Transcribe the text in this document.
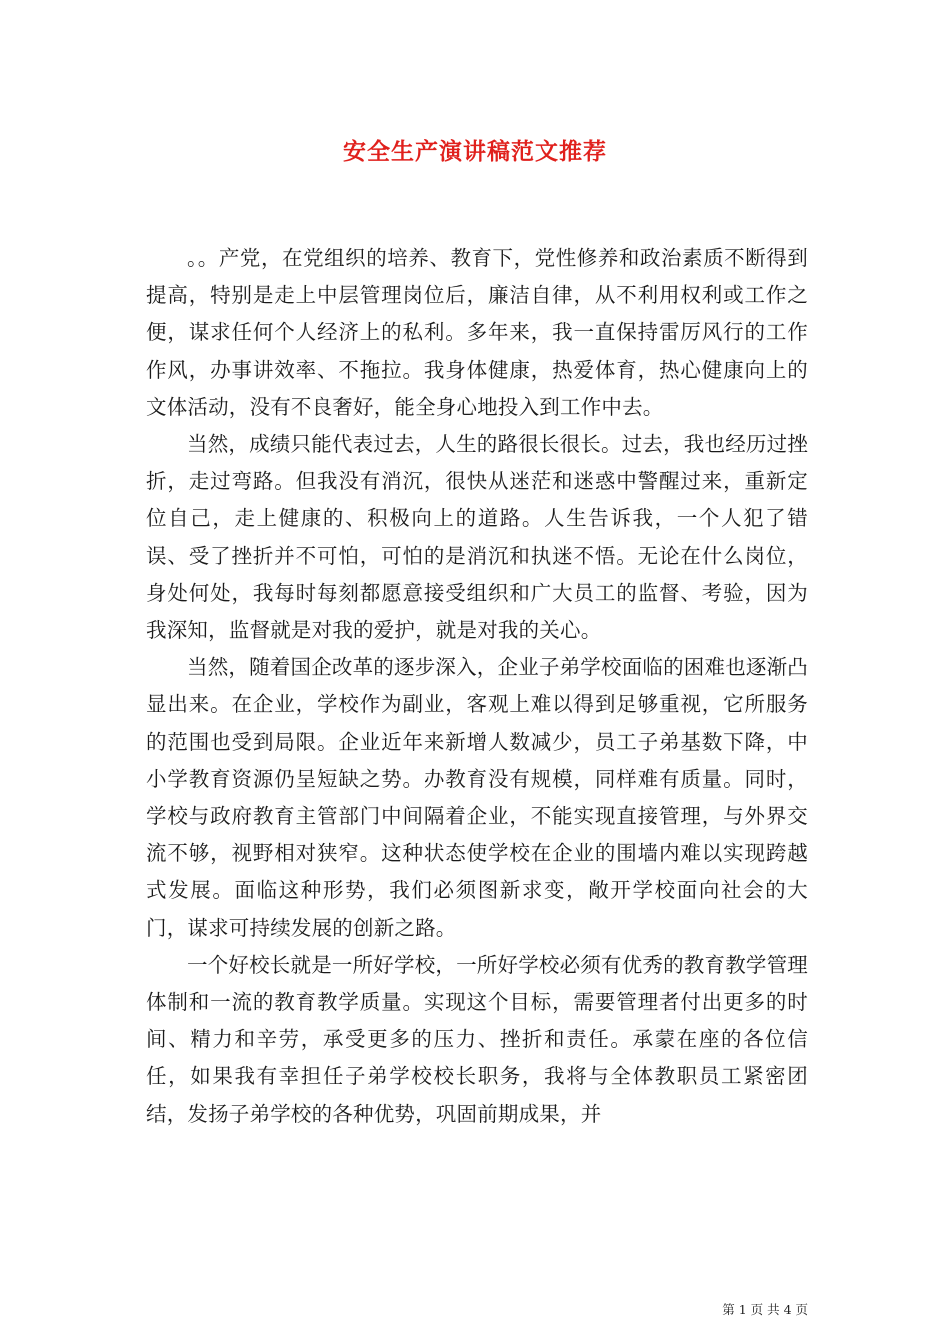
安全生产演讲稿范文推荐

。。产党，在党组织的培养、教育下，党性修养和政治素质不断得到提高，特别是走上中层管理岗位后，廉洁自律，从不利用权利或工作之便，谋求任何个人经济上的私利。多年来，我一直保持雷厉风行的工作作风，办事讲效率、不拖拉。我身体健康，热爱体育，热心健康向上的文体活动，没有不良奢好，能全身心地投入到工作中去。

当然，成绩只能代表过去，人生的路很长很长。过去，我也经历过挫折，走过弯路。但我没有消沉，很快从迷茫和迷惑中警醒过来，重新定位自己，走上健康的、积极向上的道路。人生告诉我，一个人犯了错误、受了挫折并不可怕，可怕的是消沉和执迷不悟。无论在什么岗位，身处何处，我每时每刻都愿意接受组织和广大员工的监督、考验，因为我深知，监督就是对我的爱护，就是对我的关心。

当然，随着国企改革的逐步深入，企业子弟学校面临的困难也逐渐凸显出来。在企业，学校作为副业，客观上难以得到足够重视，它所服务的范围也受到局限。企业近年来新增人数减少，员工子弟基数下降，中小学教育资源仍呈短缺之势。办教育没有规模，同样难有质量。同时，学校与政府教育主管部门中间隔着企业，不能实现直接管理，与外界交流不够，视野相对狭窄。这种状态使学校在企业的围墙内难以实现跨越式发展。面临这种形势，我们必须图新求变，敞开学校面向社会的大门，谋求可持续发展的创新之路。

一个好校长就是一所好学校，一所好学校必须有优秀的教育教学管理体制和一流的教育教学质量。实现这个目标，需要管理者付出更多的时间、精力和辛劳，承受更多的压力、挫折和责任。承蒙在座的各位信任，如果我有幸担任子弟学校校长职务，我将与全体教职员工紧密团结，发扬子弟学校的各种优势，巩固前期成果，并

第 1 页 共 4 页
